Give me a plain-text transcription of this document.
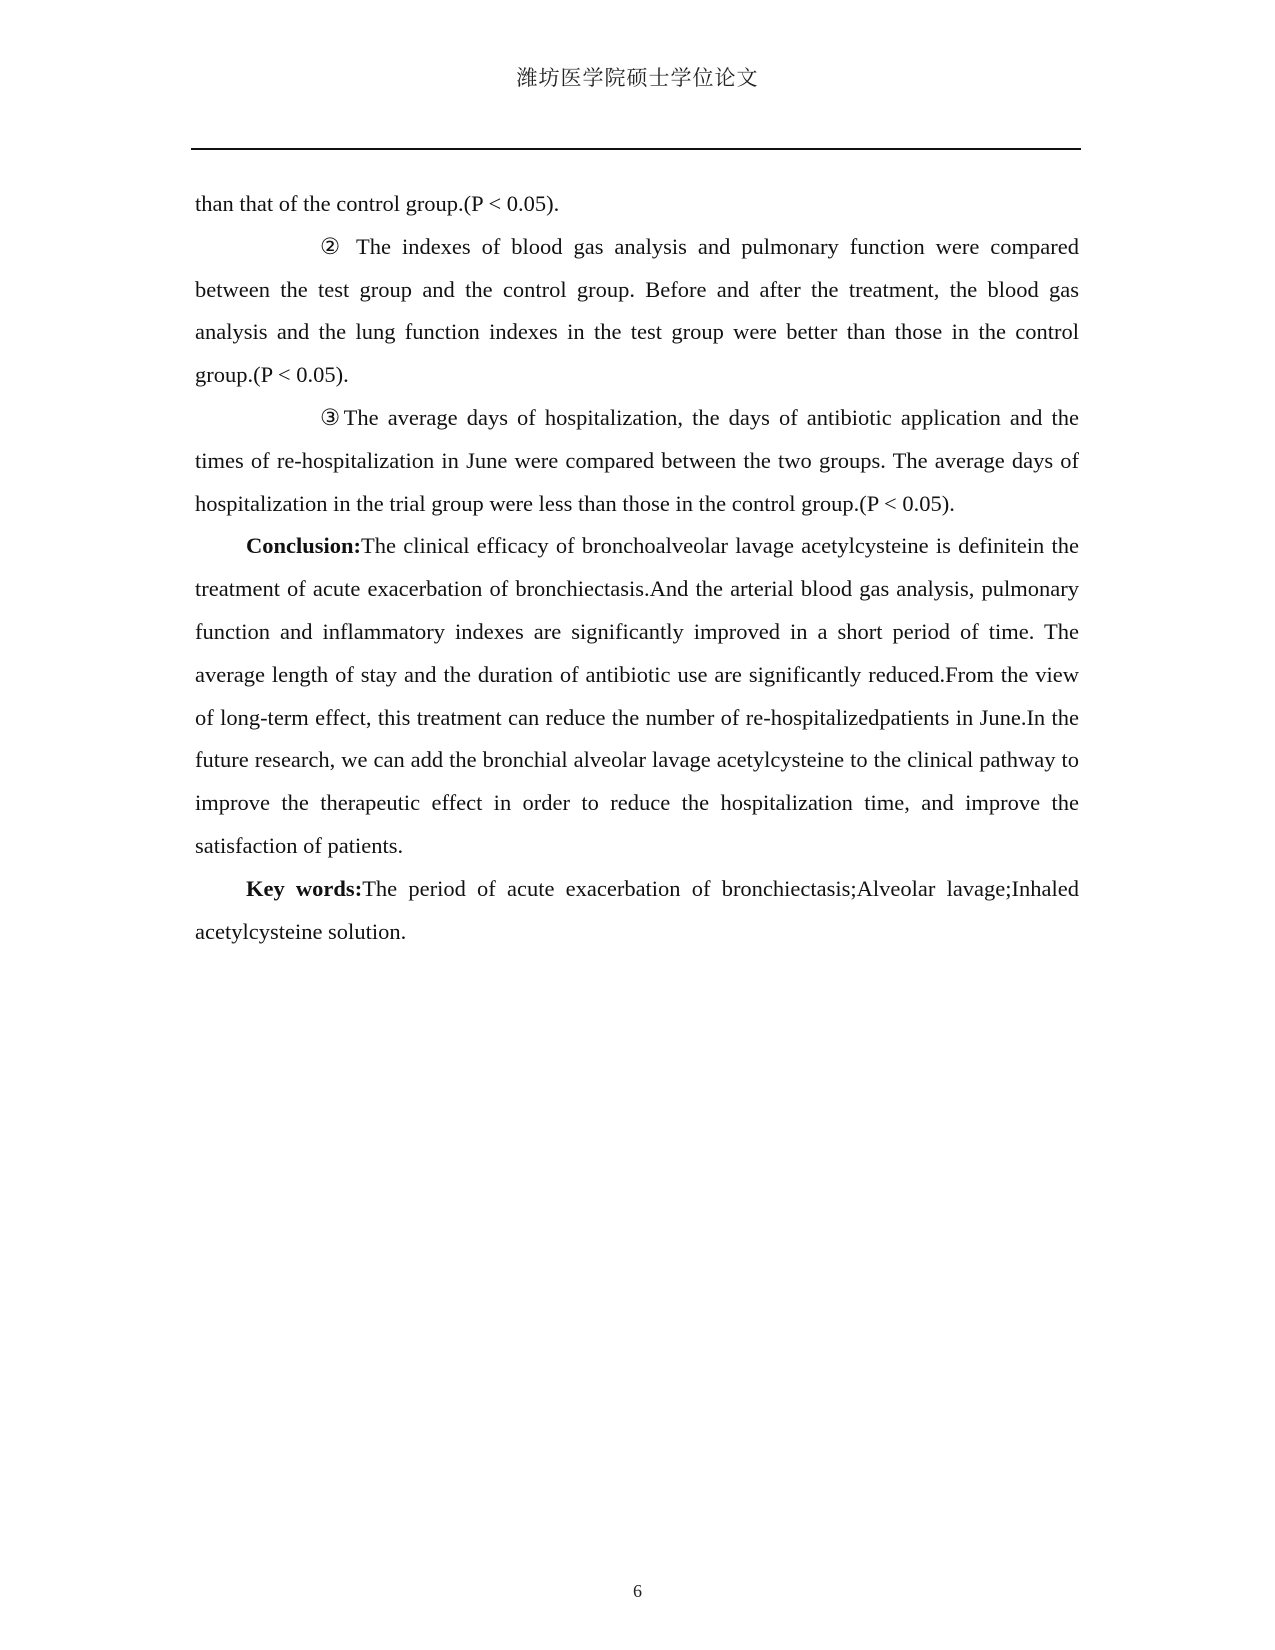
潍坊医学院硕士学位论文

than that of the control group.(P < 0.05).

② The indexes of blood gas analysis and pulmonary function were compared between the test group and the control group. Before and after the treatment, the blood gas analysis and the lung function indexes in the test group were better than those in the control group.(P < 0.05).

③The average days of hospitalization, the days of antibiotic application and the times of re-hospitalization in June were compared between the two groups. The average days of hospitalization in the trial group were less than those in the control group.(P < 0.05).

Conclusion:The clinical efficacy of bronchoalveolar lavage acetylcysteine is definitein the treatment of acute exacerbation of bronchiectasis.And the arterial blood gas analysis, pulmonary function and inflammatory indexes are significantly improved in a short period of time. The average length of stay and the duration of antibiotic use are significantly reduced.From the view of long-term effect, this treatment can reduce the number of re-hospitalizedpatients in June.In the future research, we can add the bronchial alveolar lavage acetylcysteine to the clinical pathway to improve the therapeutic effect in order to reduce the hospitalization time, and improve the satisfaction of patients.

Key words:The period of acute exacerbation of bronchiectasis;Alveolar lavage;Inhaled acetylcysteine solution.

6
